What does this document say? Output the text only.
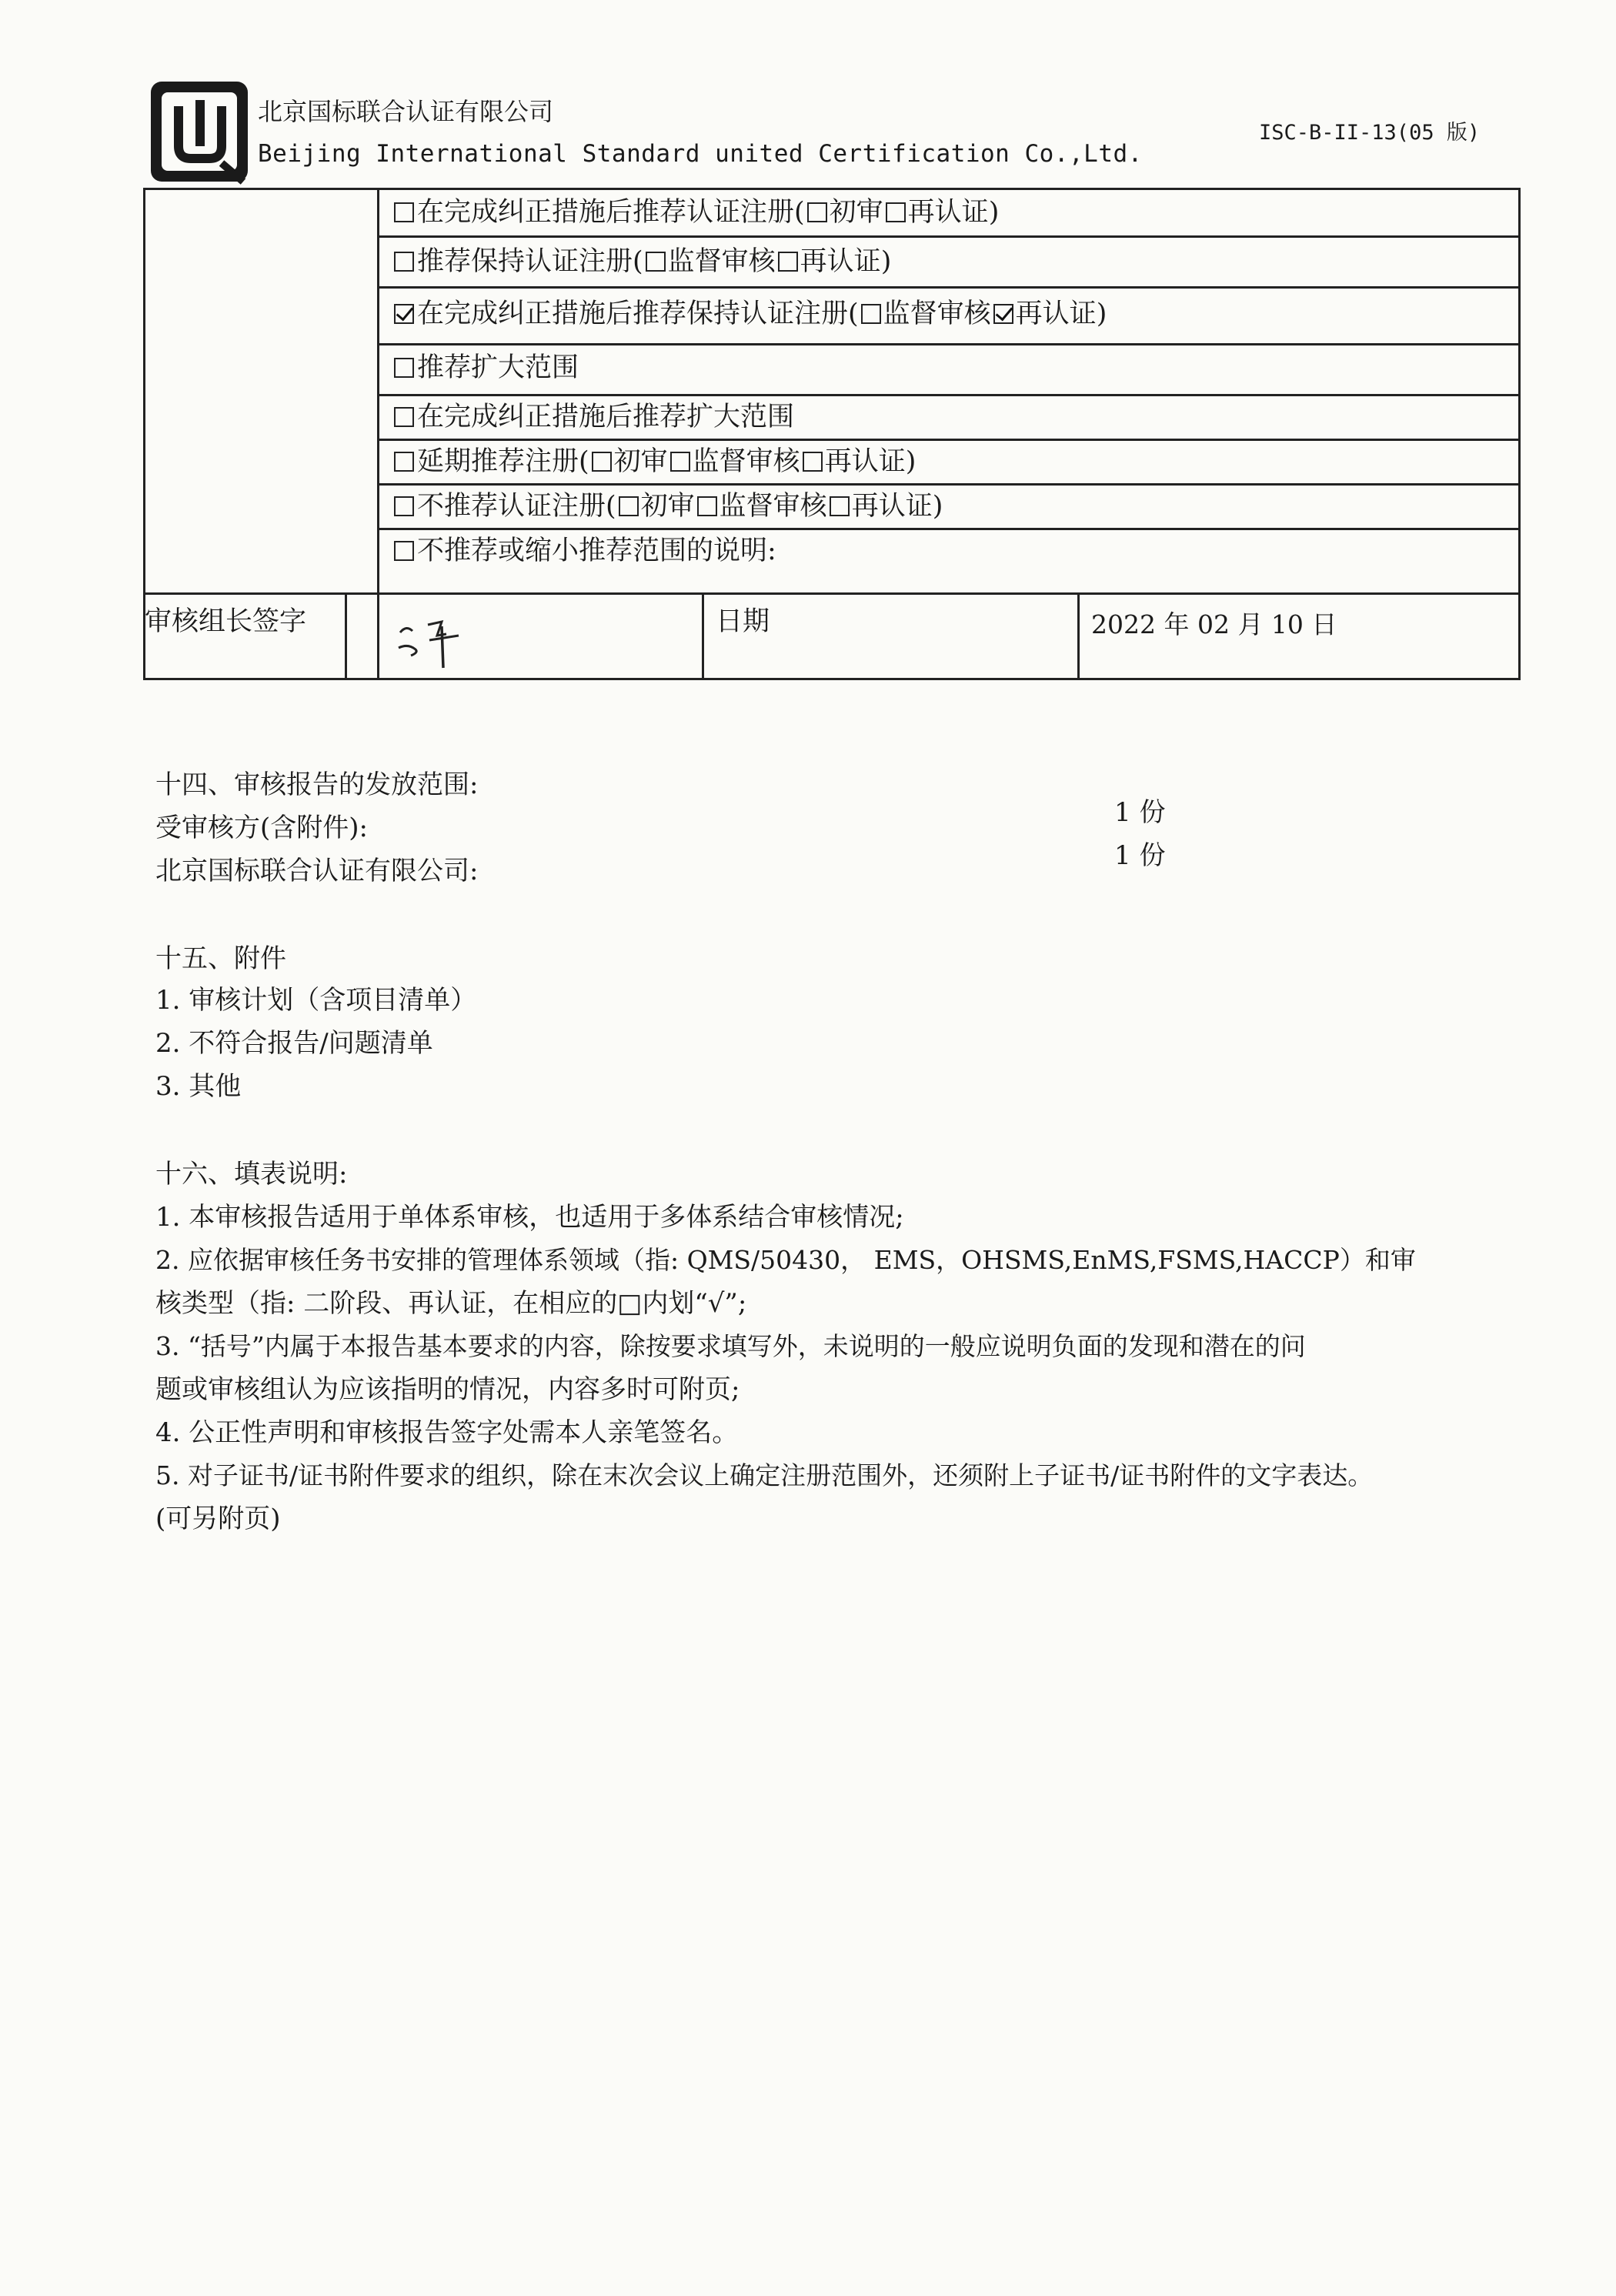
北京国标联合认证有限公司
Beijing International Standard united Certification Co.,Ltd.
ISC-B-II-13(05 版)
在完成纠正措施后推荐认证注册( 初审 再认证 )
推荐保持认证注册( 监督审核 再认证 )
在完成纠正措施后推荐保持认证注册( 监督审核 再认证 )
推荐扩大范围
在完成纠正措施后推荐扩大范围
延期推荐注册( 初审 监督审核 再认证 )
不推荐认证注册( 初审 监督审核 再认证 )
不推荐或缩小推荐范围的说明:
审核组长签字	日期	2022 年 02 月 10 日
十四、审核报告的发放范围:
受审核方(含附件):	1 份
北京国标联合认证有限公司:	1 份
十五、附件
1. 审核计划（含项目清单）
2. 不符合报告/问题清单
3. 其他
十六、填表说明:
1. 本审核报告适用于单体系审核，也适用于多体系结合审核情况;
2. 应依据审核任务书安排的管理体系领域（指: QMS/50430， EMS，OHSMS,EnMS,FSMS,HACCP）和审
核类型（指: 二阶段、再认证，在相应的□内划“√”;
3. “括号”内属于本报告基本要求的内容，除按要求填写外，未说明的一般应说明负面的发现和潜在的问
题或审核组认为应该指明的情况，内容多时可附页;
4. 公正性声明和审核报告签字处需本人亲笔签名。
5. 对子证书/证书附件要求的组织，除在末次会议上确定注册范围外，还须附上子证书/证书附件的文字表达。
(可另附页)
